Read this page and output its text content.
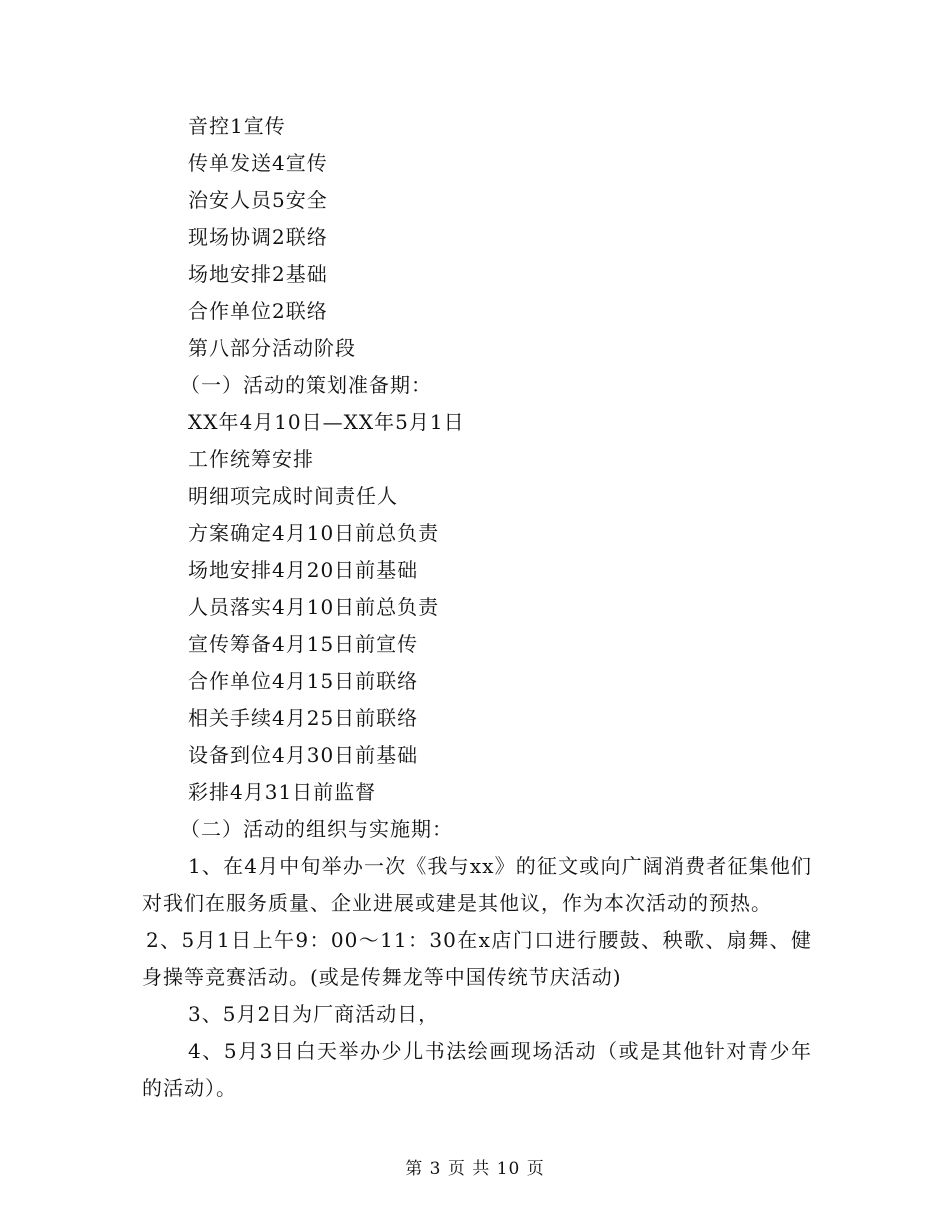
音控1宣传
传单发送4宣传
治安人员5安全
现场协调2联络
场地安排2基础
合作单位2联络
第八部分活动阶段
（一）活动的策划准备期：
XX年4月10日—XX年5月1日
工作统筹安排
明细项完成时间责任人
方案确定4月10日前总负责
场地安排4月20日前基础
人员落实4月10日前总负责
宣传筹备4月15日前宣传
合作单位4月15日前联络
相关手续4月25日前联络
设备到位4月30日前基础
彩排4月31日前监督
（二）活动的组织与实施期：

1、在4月中旬举办一次《我与xx》的征文或向广阔消费者征集他们对我们在服务质量、企业进展或建是其他议，作为本次活动的预热。

2、5月1日上午9：00～11：30在x店门口进行腰鼓、秧歌、扇舞、健身操等竞赛活动。(或是传舞龙等中国传统节庆活动)

3、5月2日为厂商活动日，

4、5月3日白天举办少儿书法绘画现场活动（或是其他针对青少年的活动）。

第 3 页 共 10 页
